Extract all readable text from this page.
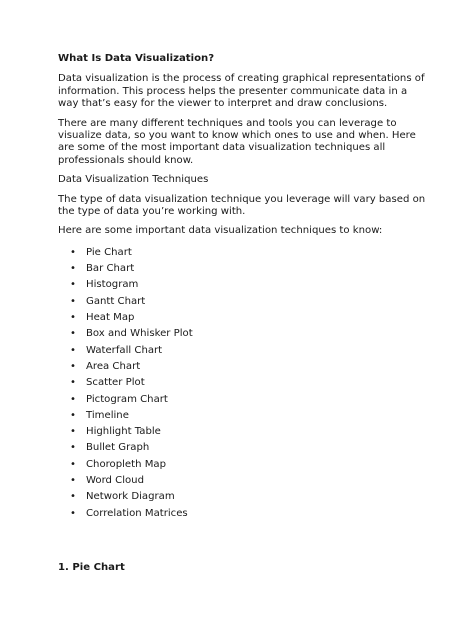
What Is Data Visualization?

Data visualization is the process of creating graphical representations of information. This process helps the presenter communicate data in a way that’s easy for the viewer to interpret and draw conclusions.

There are many different techniques and tools you can leverage to visualize data, so you want to know which ones to use and when. Here are some of the most important data visualization techniques all professionals should know.

Data Visualization Techniques

The type of data visualization technique you leverage will vary based on the type of data you’re working with.

Here are some important data visualization techniques to know:

• Pie Chart
• Bar Chart
• Histogram
• Gantt Chart
• Heat Map
• Box and Whisker Plot
• Waterfall Chart
• Area Chart
• Scatter Plot
• Pictogram Chart
• Timeline
• Highlight Table
• Bullet Graph
• Choropleth Map
• Word Cloud
• Network Diagram
• Correlation Matrices
1. Pie Chart
